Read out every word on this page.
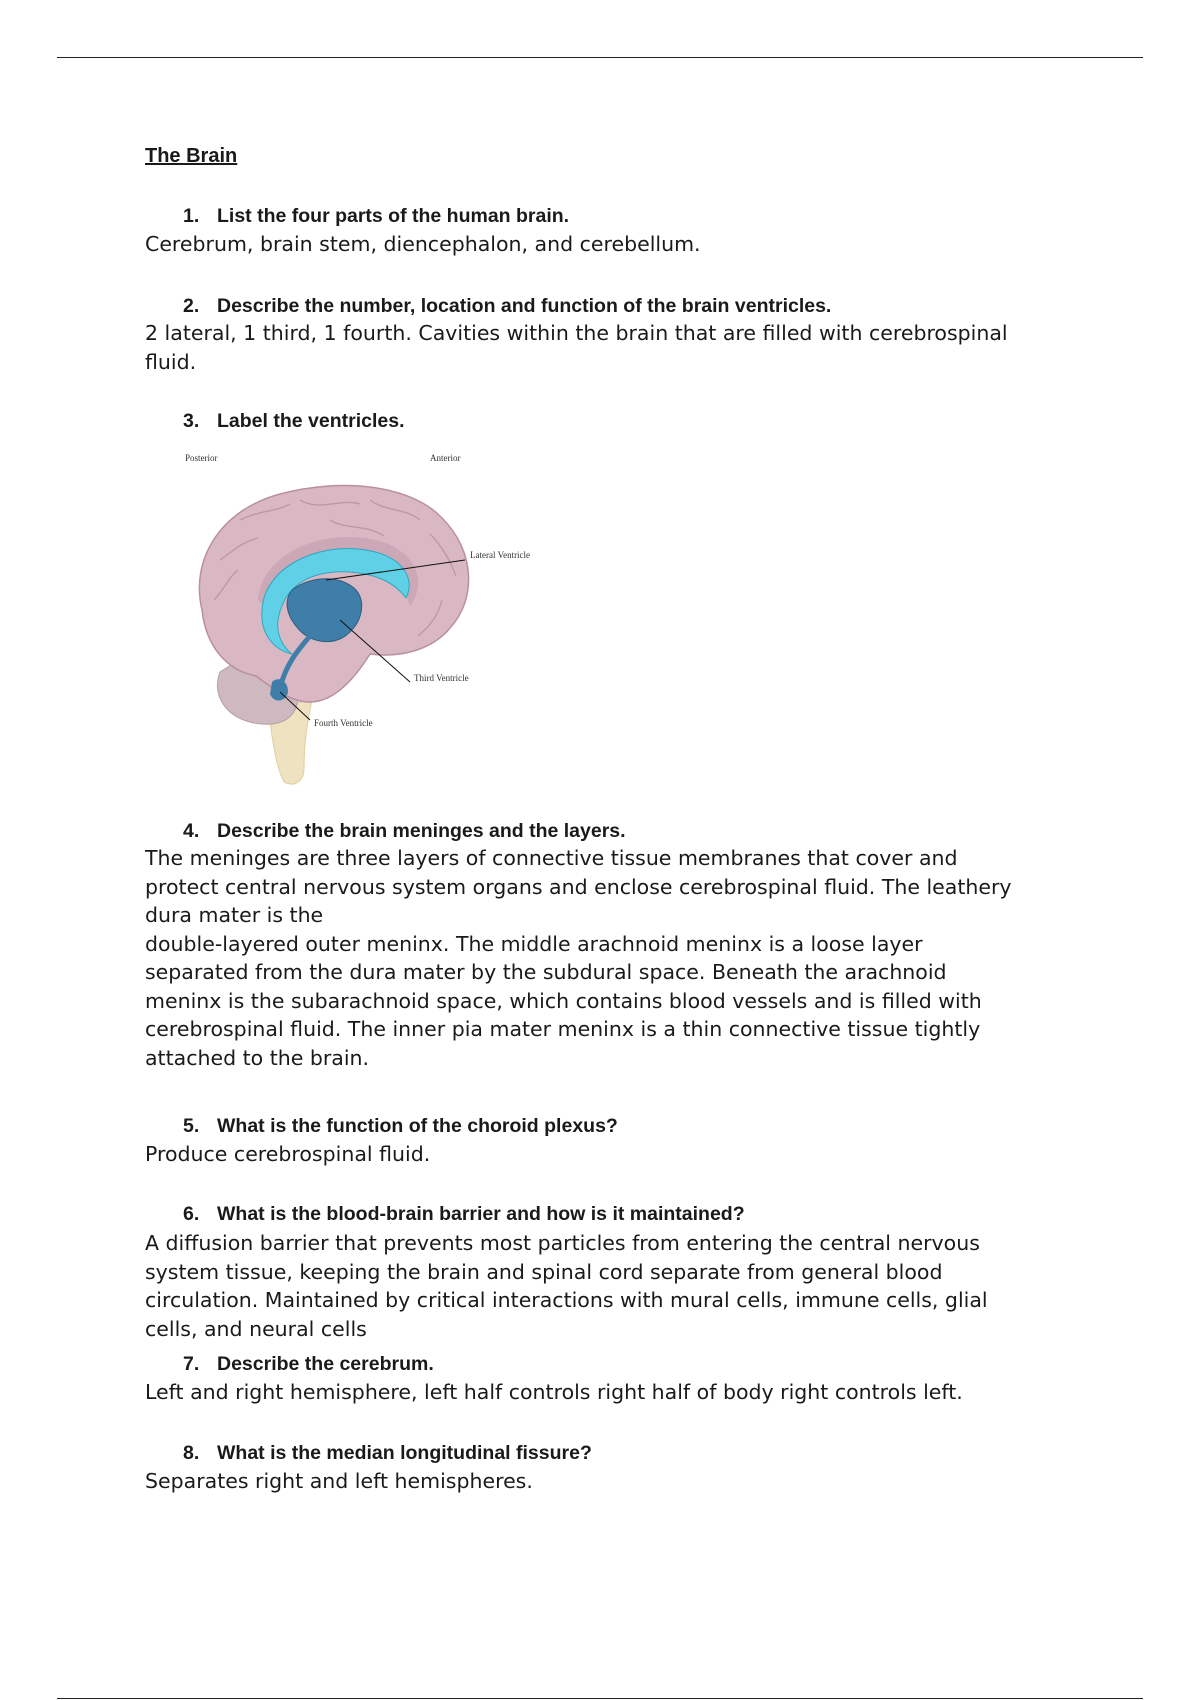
The Brain
1. List the four parts of the human brain.
Cerebrum, brain stem, diencephalon, and cerebellum.
2. Describe the number, location and function of the brain ventricles.
2 lateral, 1 third, 1 fourth. Cavities within the brain that are filled with cerebrospinal
fluid.
3. Label the ventricles.
4. Describe the brain meninges and the layers.
The meninges are three layers of connective tissue membranes that cover and
protect central nervous system organs and enclose cerebrospinal fluid. The leathery
dura mater is the
double-layered outer meninx. The middle arachnoid meninx is a loose layer
separated from the dura mater by the subdural space. Beneath the arachnoid
meninx is the subarachnoid space, which contains blood vessels and is filled with
cerebrospinal fluid. The inner pia mater meninx is a thin connective tissue tightly
attached to the brain.
5. What is the function of the choroid plexus?
Produce cerebrospinal fluid.
6. What is the blood-brain barrier and how is it maintained?
A diffusion barrier that prevents most particles from entering the central nervous
system tissue, keeping the brain and spinal cord separate from general blood
circulation. Maintained by critical interactions with mural cells, immune cells, glial
cells, and neural cells
7. Describe the cerebrum.
Left and right hemisphere, left half controls right half of body right controls left.
8. What is the median longitudinal fissure?
Separates right and left hemispheres.
Posterior	Anterior
Lateral Ventricle
Third Ventricle
Fourth Ventricle
